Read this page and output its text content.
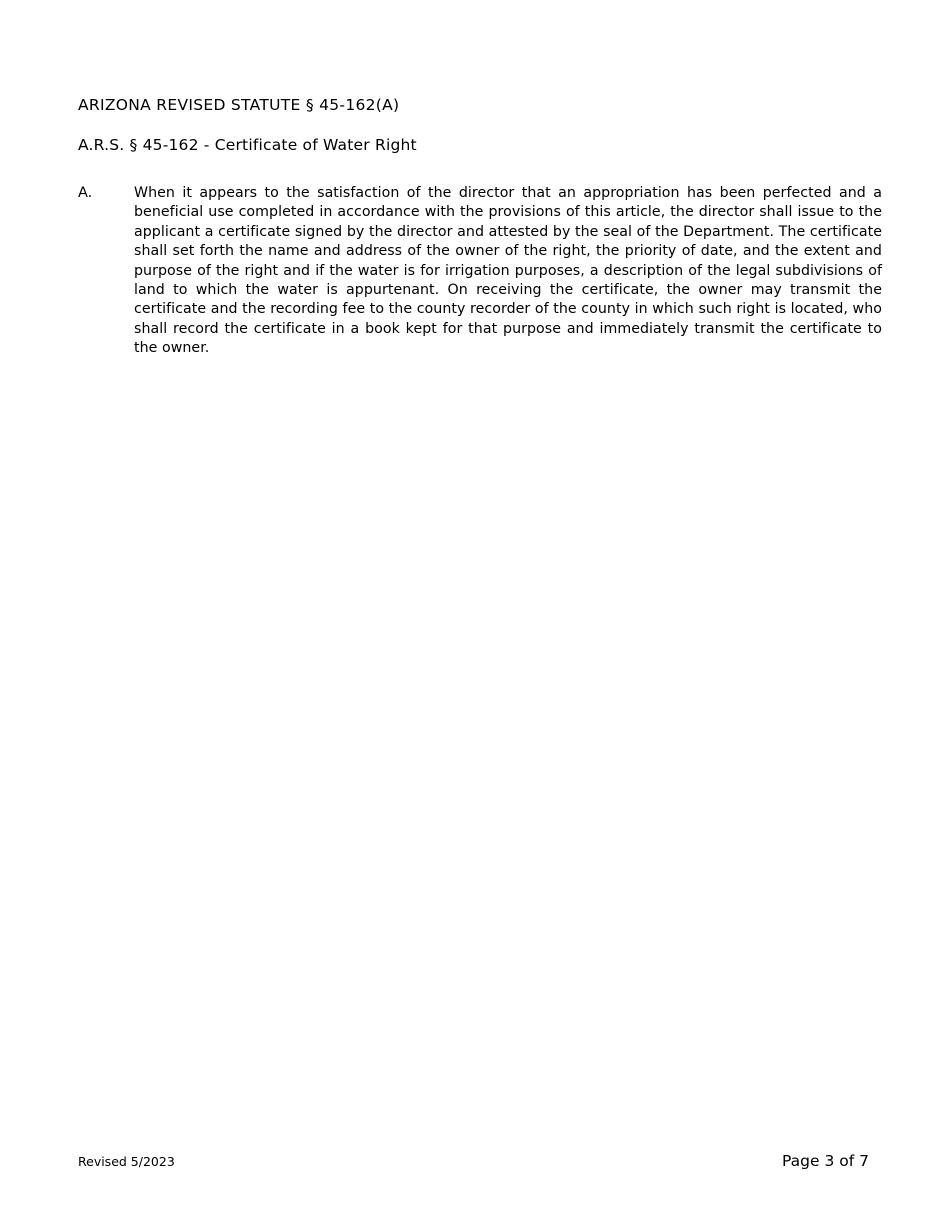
ARIZONA REVISED STATUTE § 45-162(A)
A.R.S. § 45-162 - Certificate of Water Right
A.	When it appears to the satisfaction of the director that an appropriation has been perfected and a beneficial use completed in accordance with the provisions of this article, the director shall issue to the applicant a certificate signed by the director and attested by the seal of the Department. The certificate shall set forth the name and address of the owner of the right, the priority of date, and the extent and purpose of the right and if the water is for irrigation purposes, a description of the legal subdivisions of land to which the water is appurtenant. On receiving the certificate, the owner may transmit the certificate and the recording fee to the county recorder of the county in which such right is located, who shall record the certificate in a book kept for that purpose and immediately transmit the certificate to the owner.
Revised 5/2023	Page 3 of 7
